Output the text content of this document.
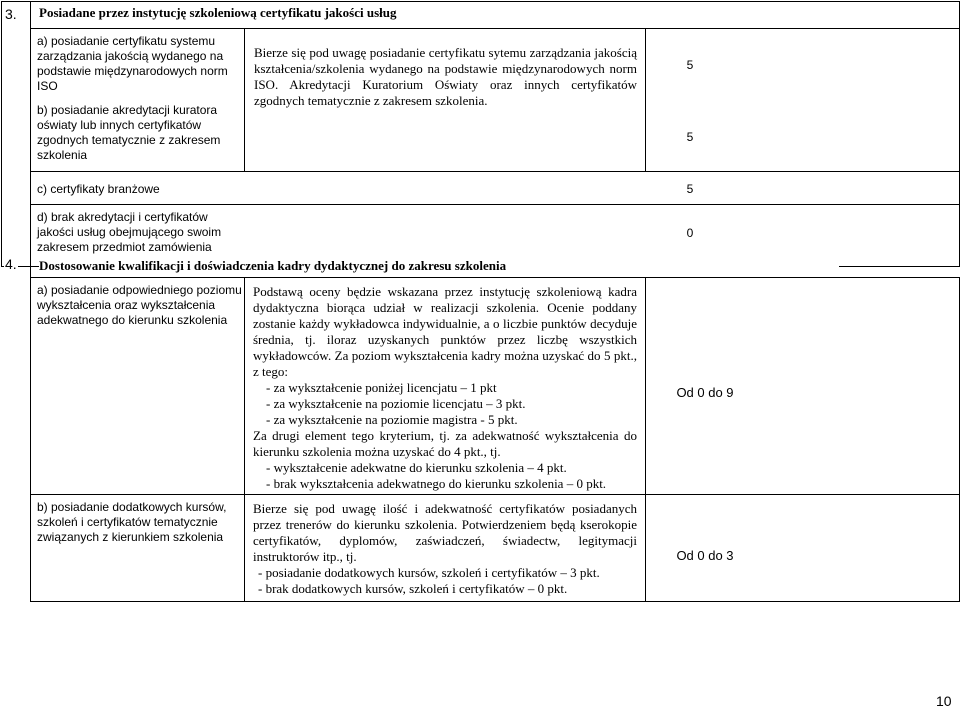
3. Posiadane przez instytucję szkoleniową certyfikatu jakości usług
a) posiadanie certyfikatu systemu zarządzania jakością wydanego na podstawie międzynarodowych norm ISO
b) posiadanie akredytacji kuratora oświaty lub innych certyfikatów zgodnych tematycznie z zakresem szkolenia
Bierze się pod uwagę posiadanie certyfikatu sytemu zarządzania jakością kształcenia/szkolenia wydanego na podstawie międzynarodowych norm ISO. Akredytacji Kuratorium Oświaty oraz innych certyfikatów zgodnych tematycznie z zakresem szkolenia.
5
5
c) certyfikaty branżowe	5
d) brak akredytacji i certyfikatów jakości usług obejmującego swoim zakresem przedmiot zamówienia
0
4. Dostosowanie kwalifikacji i doświadczenia kadry dydaktycznej do zakresu szkolenia
a) posiadanie odpowiedniego poziomu wykształcenia oraz wykształcenia adekwatnego do kierunku szkolenia
Podstawą oceny będzie wskazana przez instytucję szkoleniową kadra dydaktyczna biorąca udział w realizacji szkolenia. Ocenie poddany zostanie każdy wykładowca indywidualnie, a o liczbie punktów decyduje średnia, tj. iloraz uzyskanych punktów przez liczbę wszystkich wykładowców. Za poziom wykształcenia kadry można uzyskać do 5 pkt., z tego:
- za wykształcenie poniżej licencjatu – 1 pkt
- za wykształcenie na poziomie licencjatu – 3 pkt.
- za wykształcenie na poziomie magistra - 5 pkt.
Za drugi element tego kryterium, tj. za adekwatność wykształcenia do kierunku szkolenia można uzyskać do 4 pkt., tj.
- wykształcenie adekwatne do kierunku szkolenia – 4 pkt.
- brak wykształcenia adekwatnego do kierunku szkolenia – 0 pkt.
Od 0 do 9
b) posiadanie dodatkowych kursów, szkoleń i certyfikatów tematycznie związanych z kierunkiem szkolenia
Bierze się pod uwagę ilość i adekwatność certyfikatów posiadanych przez trenerów do kierunku szkolenia. Potwierdzeniem będą kserokopie certyfikatów, dyplomów, zaświadczeń, świadectw, legitymacji instruktorów itp., tj.
- posiadanie dodatkowych kursów, szkoleń i certyfikatów – 3 pkt.
- brak dodatkowych kursów, szkoleń i certyfikatów – 0 pkt.
Od 0 do 3
10
